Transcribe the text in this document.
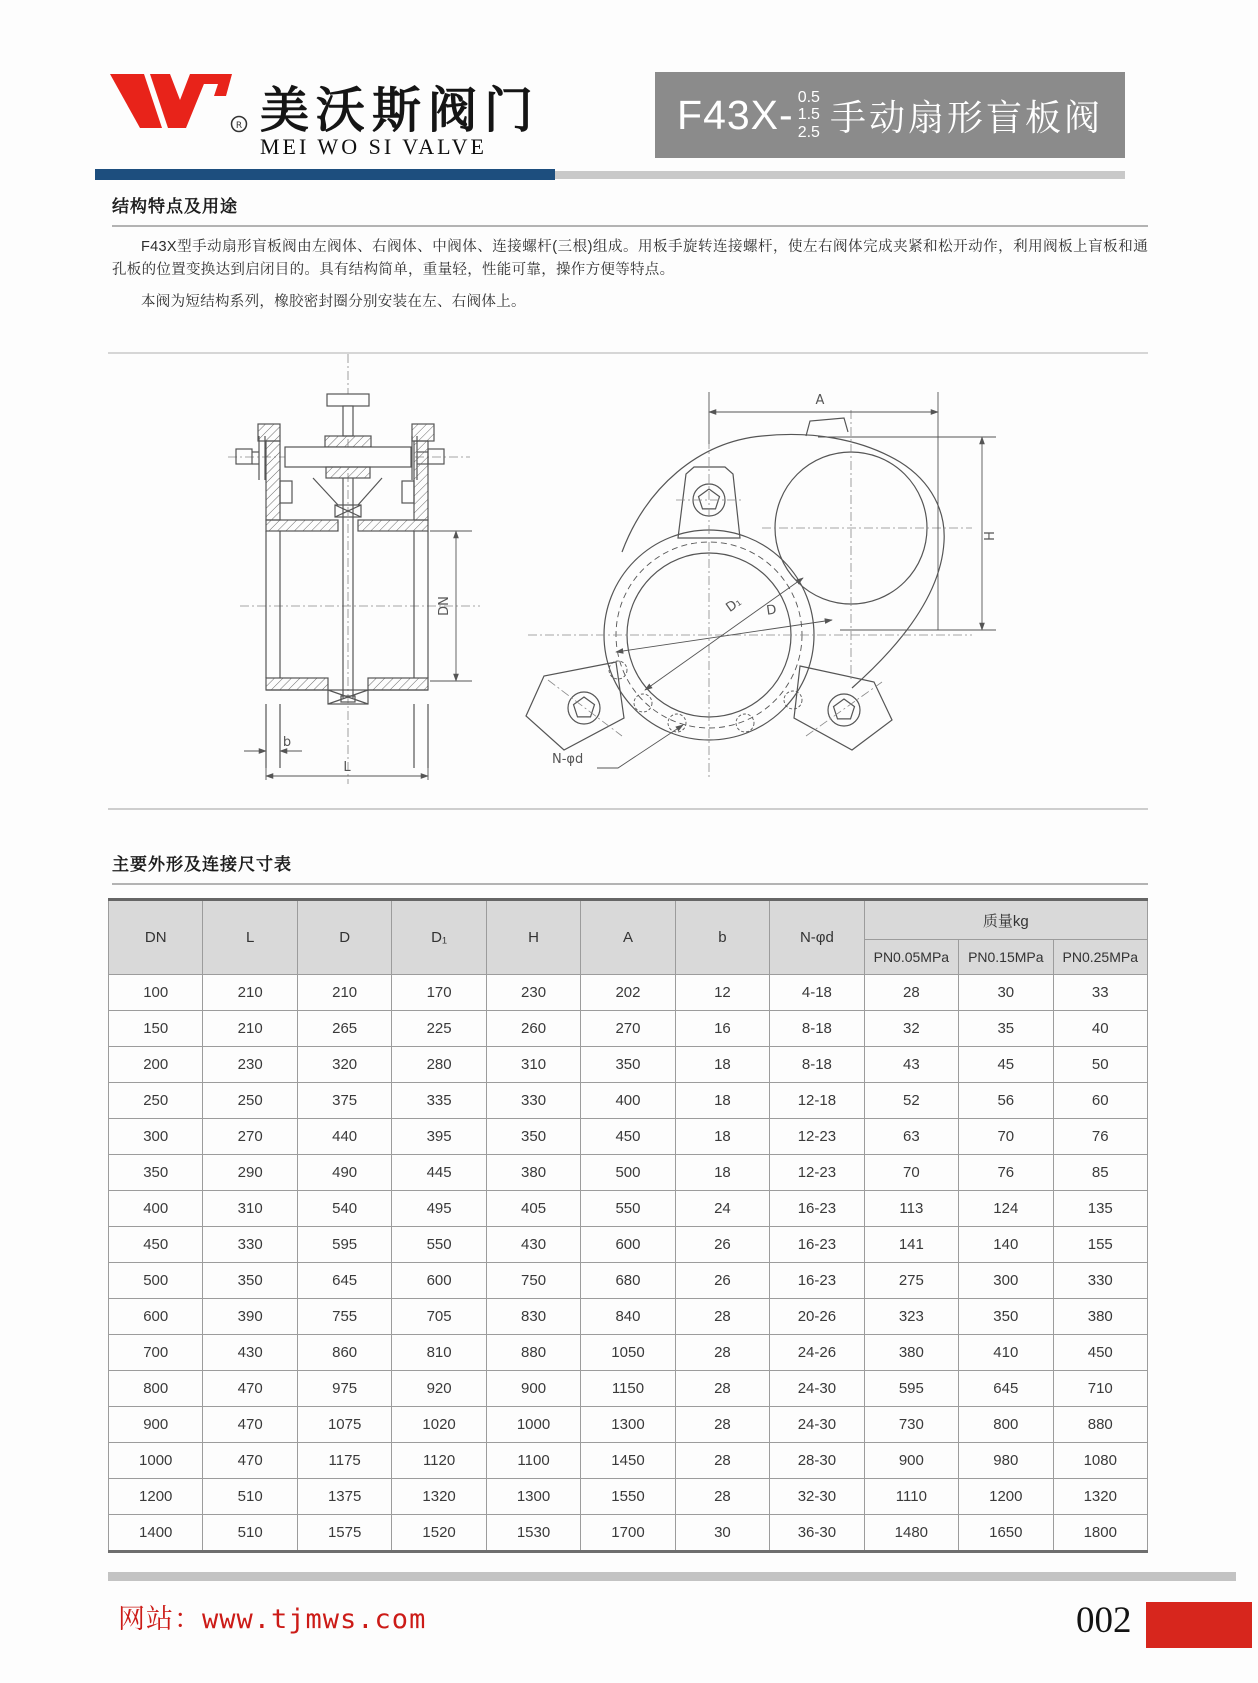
R 美沃斯阀门
MEI WO SI VALVE
F43X- 0.5
1.5
2.5 手动扇形盲板阀
结构特点及用途

F43X型手动扇形盲板阀由左阀体、右阀体、中阀体、连接螺杆(三根)组成。用板手旋转连接螺杆，使左右阀体完成夹紧和松开动作，利用阀板上盲板和通孔板的位置变换达到启闭目的。具有结构简单，重量轻，性能可靠，操作方便等特点。

本阀为短结构系列，橡胶密封圈分别安装在左、右阀体上。

DN
b
L
A
H
D
D₁
N-φd
主要外形及连接尺寸表
DN	L	D	D₁	H	A	b	N-φd	质量kg		
								PN0.05MPa	PN0.15MPa	PN0.25MPa
100	210	210	170	230	202	12	4-18	28	30	33
150	210	265	225	260	270	16	8-18	32	35	40
200	230	320	280	310	350	18	8-18	43	45	50
250	250	375	335	330	400	18	12-18	52	56	60
300	270	440	395	350	450	18	12-23	63	70	76
350	290	490	445	380	500	18	12-23	70	76	85
400	310	540	495	405	550	24	16-23	113	124	135
450	330	595	550	430	600	26	16-23	141	140	155
500	350	645	600	750	680	26	16-23	275	300	330
600	390	755	705	830	840	28	20-26	323	350	380
700	430	860	810	880	1050	28	24-26	380	410	450
800	470	975	920	900	1150	28	24-30	595	645	710
900	470	1075	1020	1000	1300	28	24-30	730	800	880
1000	470	1175	1120	1100	1450	28	28-30	900	980	1080
1200	510	1375	1320	1300	1550	28	32-30	1110	1200	1320
1400	510	1575	1520	1530	1700	30	36-30	1480	1650	1800
网站：www.tjmws.com	002
